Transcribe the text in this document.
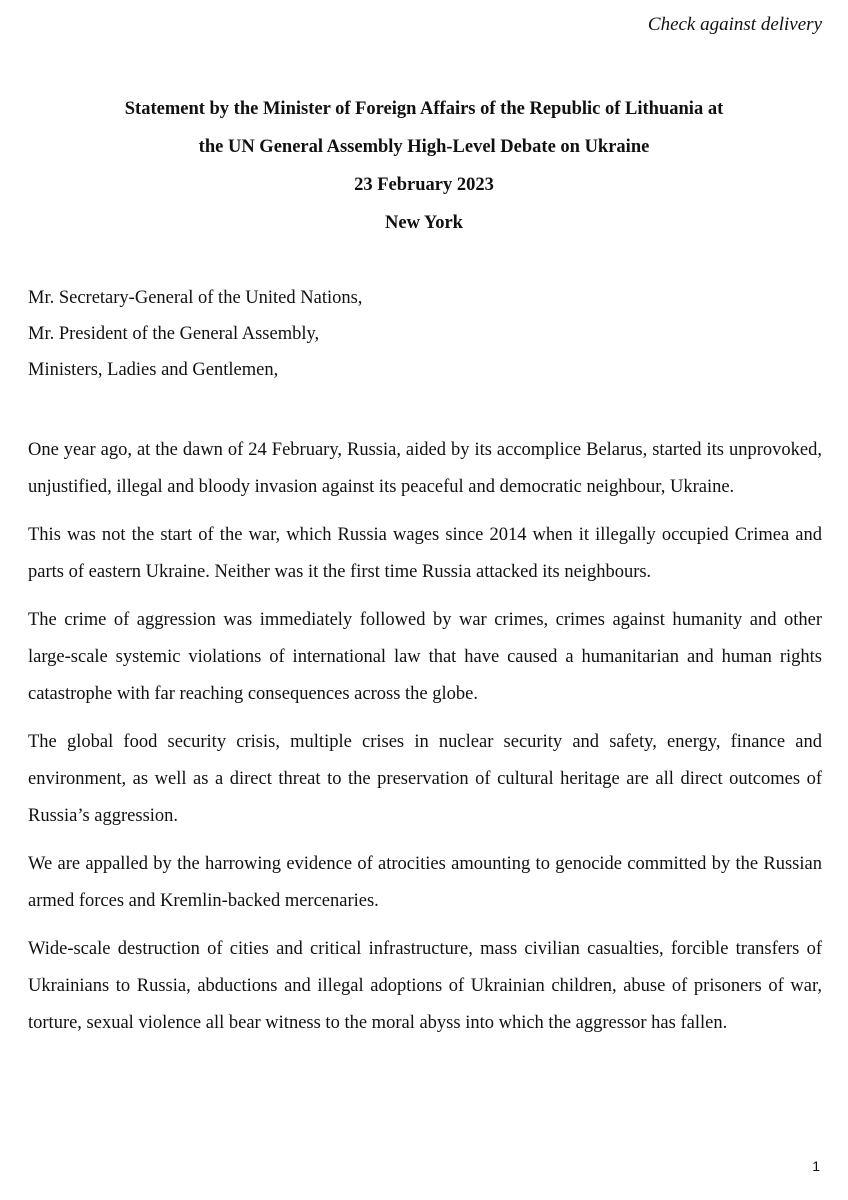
Check against delivery
Statement by the Minister of Foreign Affairs of the Republic of Lithuania at
the UN General Assembly High-Level Debate on Ukraine
23 February 2023
New York
Mr. Secretary-General of the United Nations,
Mr. President of the General Assembly,
Ministers, Ladies and Gentlemen,

One year ago, at the dawn of 24 February, Russia, aided by its accomplice Belarus, started its unprovoked, unjustified, illegal and bloody invasion against its peaceful and democratic neighbour, Ukraine.

This was not the start of the war, which Russia wages since 2014 when it illegally occupied Crimea and parts of eastern Ukraine. Neither was it the first time Russia attacked its neighbours.

The crime of aggression was immediately followed by war crimes, crimes against humanity and other large-scale systemic violations of international law that have caused a humanitarian and human rights catastrophe with far reaching consequences across the globe.

The global food security crisis, multiple crises in nuclear security and safety, energy, finance and environment, as well as a direct threat to the preservation of cultural heritage are all direct outcomes of Russia’s aggression.

We are appalled by the harrowing evidence of atrocities amounting to genocide committed by the Russian armed forces and Kremlin-backed mercenaries.

Wide-scale destruction of cities and critical infrastructure, mass civilian casualties, forcible transfers of Ukrainians to Russia, abductions and illegal adoptions of Ukrainian children, abuse of prisoners of war, torture, sexual violence all bear witness to the moral abyss into which the aggressor has fallen.

1
